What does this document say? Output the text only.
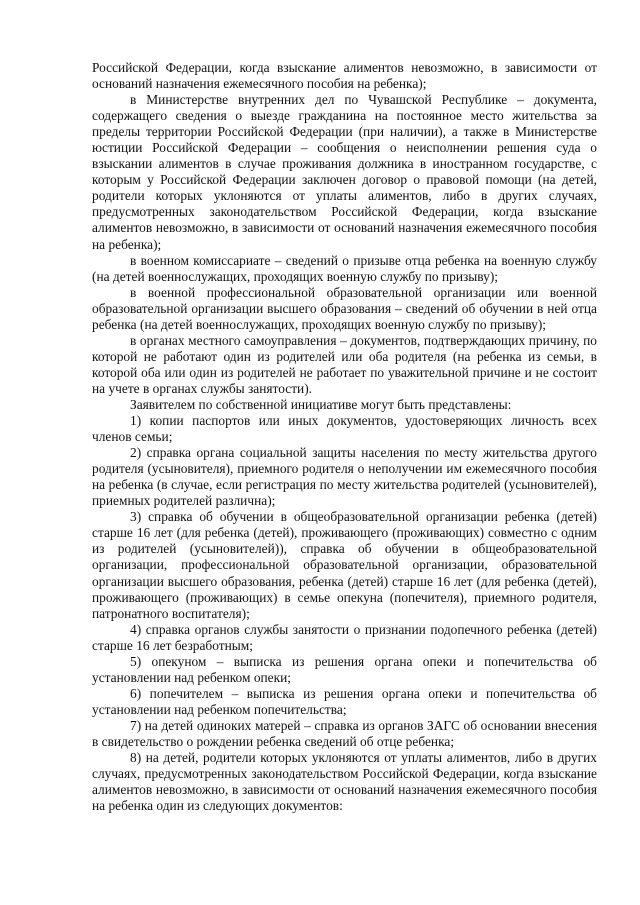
Российской Федерации, когда взыскание алиментов невозможно, в зависимости от оснований назначения ежемесячного пособия на ребенка);

в Министерстве внутренних дел по Чувашской Республике – документа, содержащего сведения о выезде гражданина на постоянное место жительства за пределы территории Российской Федерации (при наличии), а также в Министерстве юстиции Российской Федерации – сообщения о неисполнении решения суда о взыскании алиментов в случае проживания должника в иностранном государстве, с которым у Российской Федерации заключен договор о правовой помощи (на детей, родители которых уклоняются от уплаты алиментов, либо в других случаях, предусмотренных законодательством Российской Федерации, когда взыскание алиментов невозможно, в зависимости от оснований назначения ежемесячного пособия на ребенка);

в военном комиссариате – сведений о призыве отца ребенка на военную службу (на детей военнослужащих, проходящих военную службу по призыву);

в военной профессиональной образовательной организации или военной образовательной организации высшего образования – сведений об обучении в ней отца ребенка (на детей военнослужащих, проходящих военную службу по призыву);

в органах местного самоуправления – документов, подтверждающих причину, по которой не работают один из родителей или оба родителя (на ребенка из семьи, в которой оба или один из родителей не работает по уважительной причине и не состоит на учете в органах службы занятости).

Заявителем по собственной инициативе могут быть представлены:

1) копии паспортов или иных документов, удостоверяющих личность всех членов семьи;

2) справка органа социальной защиты населения по месту жительства другого родителя (усыновителя), приемного родителя о неполучении им ежемесячного пособия на ребенка (в случае, если регистрация по месту жительства родителей (усыновителей), приемных родителей различна);

3) справка об обучении в общеобразовательной организации ребенка (детей) старше 16 лет (для ребенка (детей), проживающего (проживающих) совместно с одним из родителей (усыновителей)), справка об обучении в общеобразовательной организации, профессиональной образовательной организации, образовательной организации высшего образования, ребенка (детей) старше 16 лет (для ребенка (детей), проживающего (проживающих) в семье опекуна (попечителя), приемного родителя, патронатного воспитателя);

4) справка органов службы занятости о признании подопечного ребенка (детей) старше 16 лет безработным;

5) опекуном – выписка из решения органа опеки и попечительства об установлении над ребенком опеки;

6) попечителем – выписка из решения органа опеки и попечительства об установлении над ребенком попечительства;

7) на детей одиноких матерей – справка из органов ЗАГС об основании внесения в свидетельство о рождении ребенка сведений об отце ребенка;

8) на детей, родители которых уклоняются от уплаты алиментов, либо в других случаях, предусмотренных законодательством Российской Федерации, когда взыскание алиментов невозможно, в зависимости от оснований назначения ежемесячного пособия на ребенка один из следующих документов:
